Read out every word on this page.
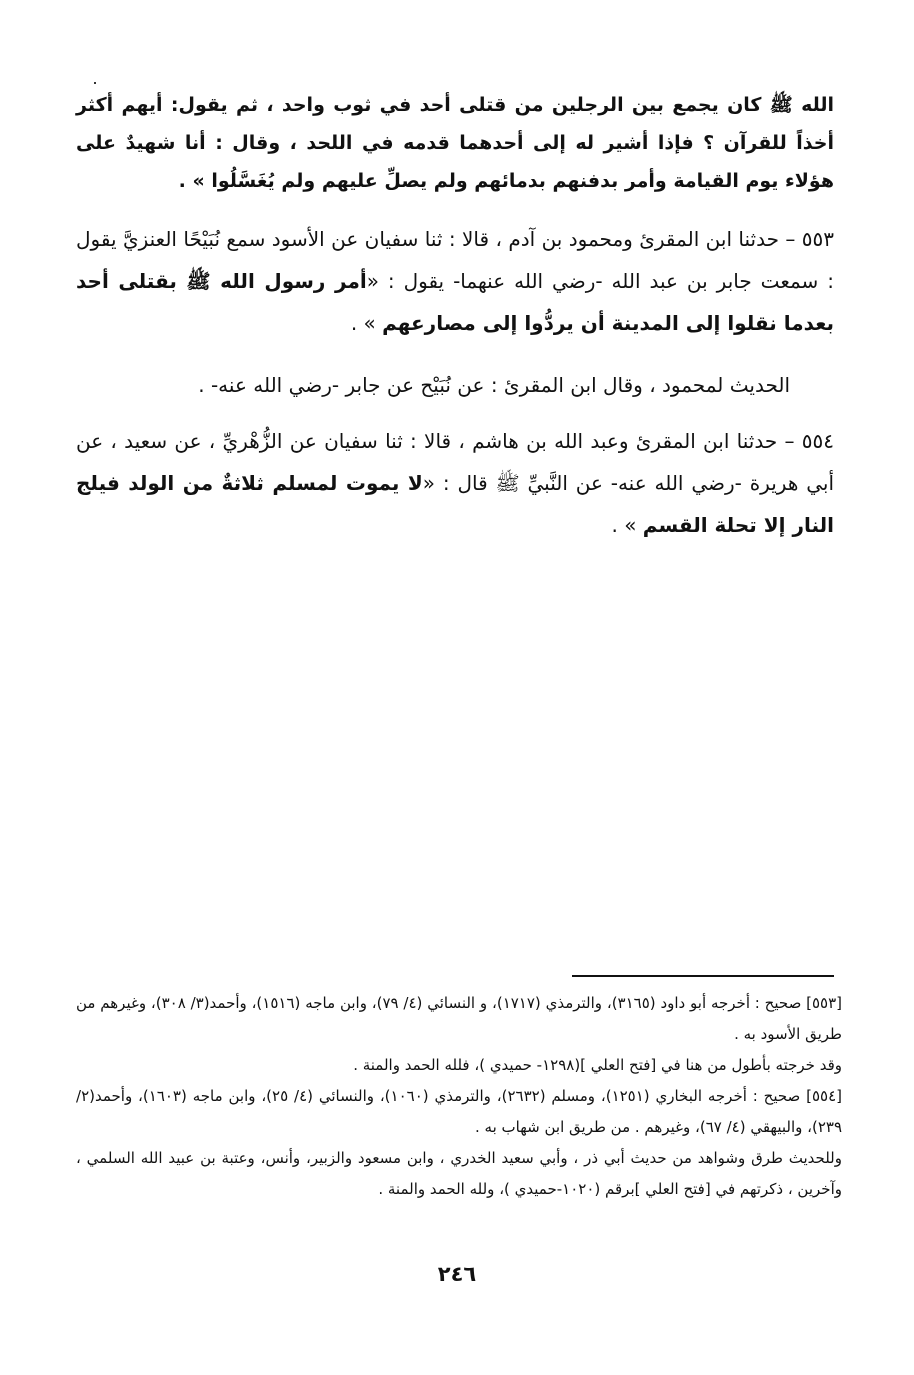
الله ﷺ كان يجمع بين الرجلين من قتلى أحد في ثوب واحد ، ثم يقول: أيهم أكثر أخذاً للقرآن ؟ فإذا أشير له إلى أحدهما قدمه في اللحد ، وقال : أنا شهيدٌ على هؤلاء يوم القيامة وأمر بدفنهم بدمائهم ولم يصلِّ عليهم ولم يُغَسَّلُوا » .

٥٥٣ – حدثنا ابن المقرئ ومحمود بن آدم ، قالا : ثنا سفيان عن الأسود سمع نُبَيْحًا العنزيَّ يقول : سمعت جابر بن عبد الله -رضي الله عنهما- يقول : «أمر رسول الله ﷺ بقتلى أحد بعدما نقلوا إلى المدينة أن يردُّوا إلى مصارعهم » .

الحديث لمحمود ، وقال ابن المقرئ : عن نُبَيْح عن جابر -رضي الله عنه- .

٥٥٤ – حدثنا ابن المقرئ وعبد الله بن هاشم ، قالا : ثنا سفيان عن الزُّهْريِّ ، عن سعيد ، عن أبي هريرة -رضي الله عنه- عن النَّبيِّ ﷺ قال : «لا يموت لمسلم ثلاثةٌ من الولد فيلج النار إلا تحلة القسم » .

[٥٥٣] صحيح : أخرجه أبو داود (٣١٦٥)، والترمذي (١٧١٧)، و النسائي (٤/ ٧٩)، وابن ماجه (١٥١٦)، وأحمد(٣/ ٣٠٨)، وغيرهم من طريق الأسود به .

وقد خرجته بأطول من هنا في [فتح العلي ](١٢٩٨- حميدي )، فلله الحمد والمنة .

[٥٥٤] صحيح : أخرجه البخاري (١٢٥١)، ومسلم (٢٦٣٢)، والترمذي (١٠٦٠)، والنسائي (٤/ ٢٥)، وابن ماجه (١٦٠٣)، وأحمد(٢/ ٢٣٩)، والبيهقي (٤/ ٦٧)، وغيرهم . من طريق ابن شهاب به .

وللحديث طرق وشواهد من حديث أبي ذر ، وأبي سعيد الخدري ، وابن مسعود والزبير، وأنس، وعتبة بن عبيد الله السلمي ، وآخرين ، ذكرتهم في [فتح العلي ]برقم (١٠٢٠-حميدي )، ولله الحمد والمنة .

٢٤٦
